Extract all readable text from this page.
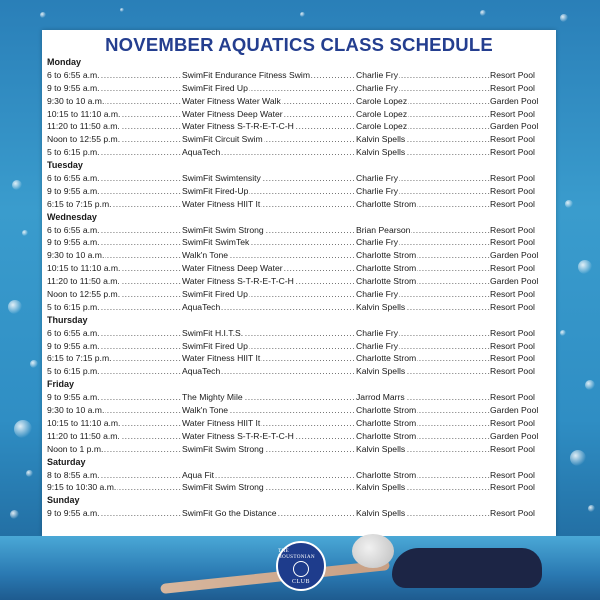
NOVEMBER AQUATICS CLASS SCHEDULE
Monday
6 to 6:55 a.m. .....	SwimFit Endurance Fitness Swim .....	Charlie Fry .....	Resort Pool
9 to 9:55 a.m. .....	SwimFit Fired Up .....	Charlie Fry .....	Resort Pool
9:30 to 10 a.m. .....	Water Fitness Water Walk .....	Carole Lopez .....	Garden Pool
10:15 to 11:10 a.m. .....	Water Fitness Deep Water .....	Carole Lopez .....	Resort Pool
11:20 to 11:50 a.m. .....	Water Fitness S-T-R-E-T-C-H .....	Carole Lopez .....	Garden Pool
Noon to 12:55 p.m. .....	SwimFit Circuit Swim .....	Kalvin Spells .....	Resort Pool
5 to 6:15 p.m. .....	AquaTech .....	Kalvin Spells .....	Resort Pool
Tuesday
6 to 6:55 a.m. .....	SwimFit Swimtensity .....	Charlie Fry .....	Resort Pool
9 to 9:55 a.m. .....	SwimFit Fired-Up .....	Charlie Fry .....	Resort Pool
6:15 to 7:15 p.m. .....	Water Fitness HIIT It .....	Charlotte Strom .....	Resort Pool
Wednesday
6 to 6:55 a.m. .....	SwimFit Swim Strong .....	Brian Pearson .....	Resort Pool
9 to 9:55 a.m. .....	SwimFit SwimTek .....	Charlie Fry .....	Resort Pool
9:30 to 10 a.m. .....	Walk'n Tone .....	Charlotte Strom .....	Garden Pool
10:15 to 11:10 a.m. .....	Water Fitness Deep Water .....	Charlotte Strom .....	Resort Pool
11:20 to 11:50 a.m. .....	Water Fitness S-T-R-E-T-C-H .....	Charlotte Strom .....	Garden Pool
Noon to 12:55 p.m. .....	SwimFit Fired Up .....	Charlie Fry .....	Resort Pool
5 to 6:15 p.m. .....	AquaTech .....	Kalvin Spells .....	Resort Pool
Thursday
6 to 6:55 a.m. .....	SwimFit H.I.T.S. .....	Charlie Fry .....	Resort Pool
9 to 9:55 a.m. .....	SwimFit Fired Up .....	Charlie Fry .....	Resort Pool
6:15 to 7:15 p.m. .....	Water Fitness HIIT It .....	Charlotte Strom .....	Resort Pool
5 to 6:15 p.m. .....	AquaTech .....	Kalvin Spells .....	Resort Pool
Friday
9 to 9:55 a.m. .....	The Mighty Mile .....	Jarrod Marrs .....	Resort Pool
9:30 to 10 a.m. .....	Walk'n Tone .....	Charlotte Strom .....	Garden Pool
10:15 to 11:10 a.m. .....	Water Fitness HIIT It .....	Charlotte Strom .....	Resort Pool
11:20 to 11:50 a.m. .....	Water Fitness S-T-R-E-T-C-H .....	Charlotte Strom .....	Garden Pool
Noon to 1 p.m. .....	SwimFit Swim Strong .....	Kalvin Spells .....	Resort Pool
Saturday
8 to 8:55 a.m. .....	Aqua Fit .....	Charlotte Strom .....	Resort Pool
9:15 to 10:30 a.m. .....	SwimFit Swim Strong .....	Kalvin Spells .....	Resort Pool
Sunday
9 to 9:55 a.m. .....	SwimFit Go the Distance .....	Kalvin Spells .....	Resort Pool
THE HOUSTONIAN
CLUB
